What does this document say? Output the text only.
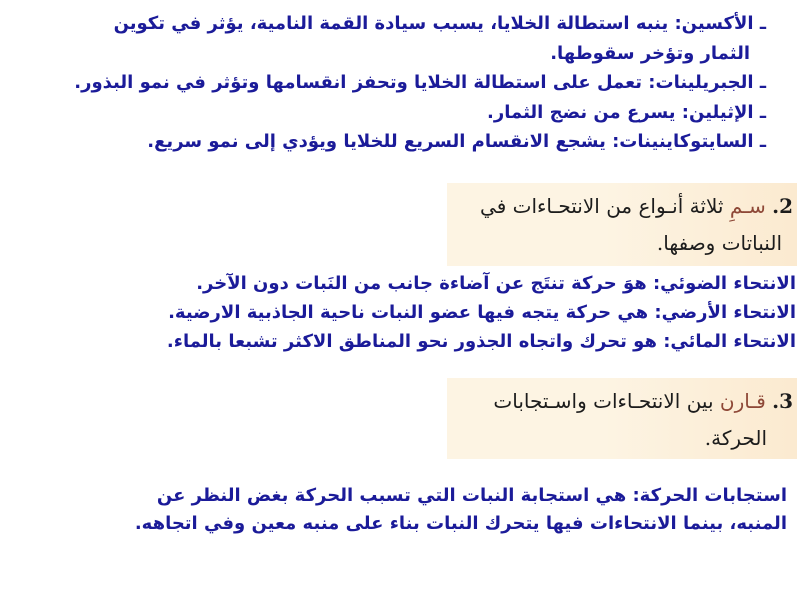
ـ الأكسين: ينبه استطالة الخلايا، يسبب سيادة القمة النامية، يؤثر في تكوين
الثمار وتؤخر سقوطها.
ـ الجبريلينات: تعمل على استطالة الخلايا وتحفز انقسامها وتؤثر في نمو البذور.
ـ الإثيلين: يسرع من نضج الثمار.
ـ السايتوكاينينات: يشجع الانقسام السريع للخلايا ويؤدي إلى نمو سريع.
2. سـمِ ثلاثة أنـواع من الانتحـاءات في
النباتات وصفها.
الانتحاء الضوئي: هوَ حركة تنتَج عن آضاءة جانب من النَبات دون الآخر.
الانتحاء الأرضي: هي حركة يتجه فيها عضو النبات ناحية الجاذبية الارضية.
الانتحاء المائي: هو تحرك واتجاه الجذور نحو المناطق الاكثر تشبعا بالماء.
3. قـارن بين الانتحـاءات واسـتجابات
الحركة.
استجابات الحركة: هي استجابة النبات التي تسبب الحركة بغض النظر عن
المنبه، بينما الانتحاءات فيها يتحرك النبات بناء على منبه معين وفي اتجاهه.
